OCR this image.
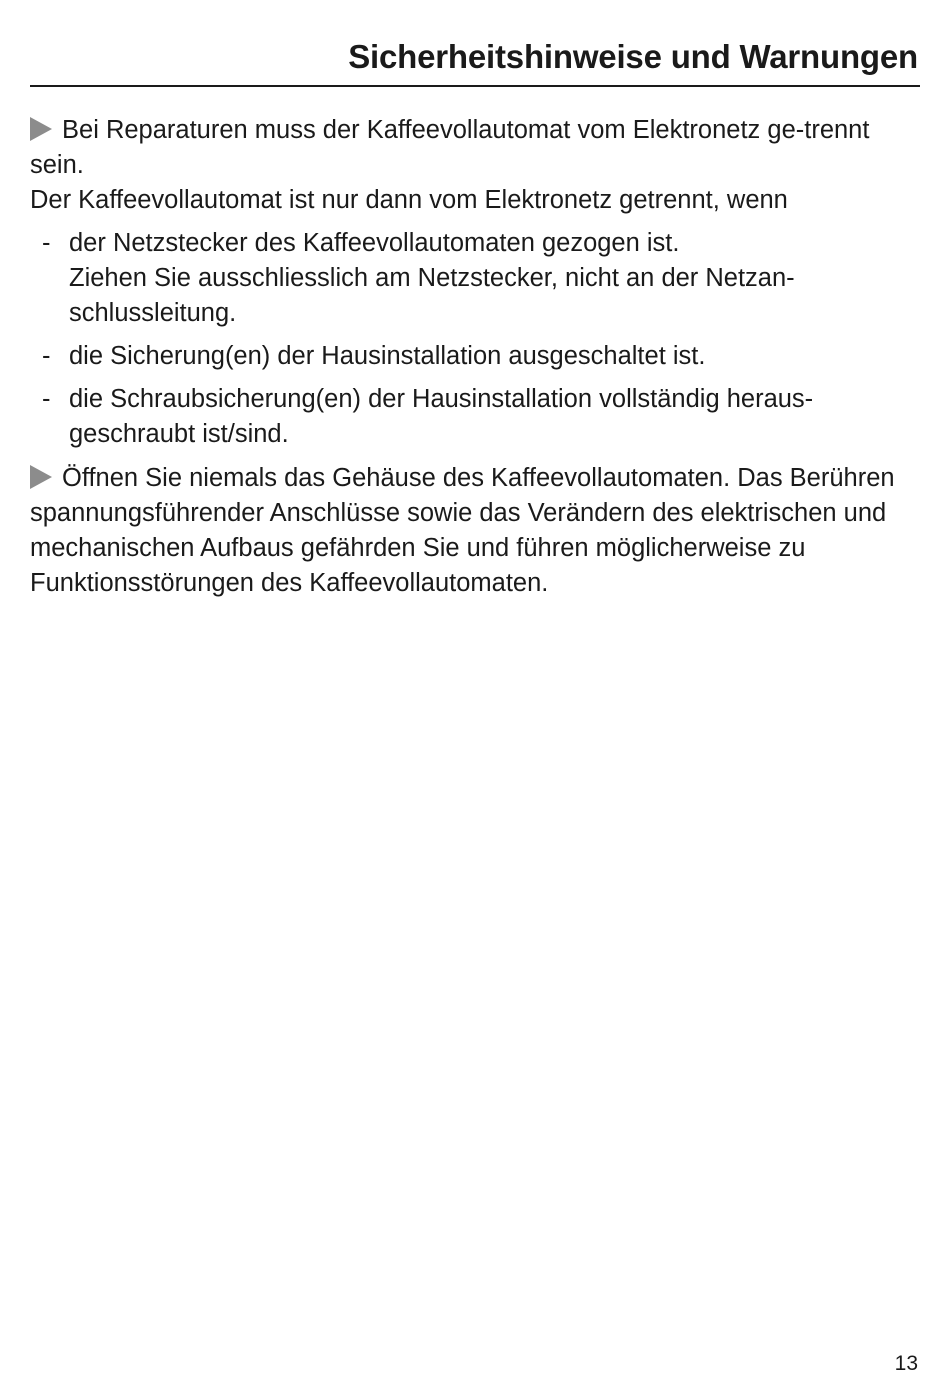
Sicherheitshinweise und Warnungen

Bei Reparaturen muss der Kaffeevollautomat vom Elektronetz ge-trennt sein.

Der Kaffeevollautomat ist nur dann vom Elektronetz getrennt, wenn

- der Netzstecker des Kaffeevollautomaten gezogen ist.
Ziehen Sie ausschliesslich am Netzstecker, nicht an der Netzan-schlussleitung.
- die Sicherung(en) der Hausinstallation ausgeschaltet ist.
- die Schraubsicherung(en) der Hausinstallation vollständig heraus-geschraubt ist/sind.

Öffnen Sie niemals das Gehäuse des Kaffeevollautomaten. Das Berühren spannungsführender Anschlüsse sowie das Verändern des elektrischen und mechanischen Aufbaus gefährden Sie und führen möglicherweise zu Funktionsstörungen des Kaffeevollautomaten.

13
